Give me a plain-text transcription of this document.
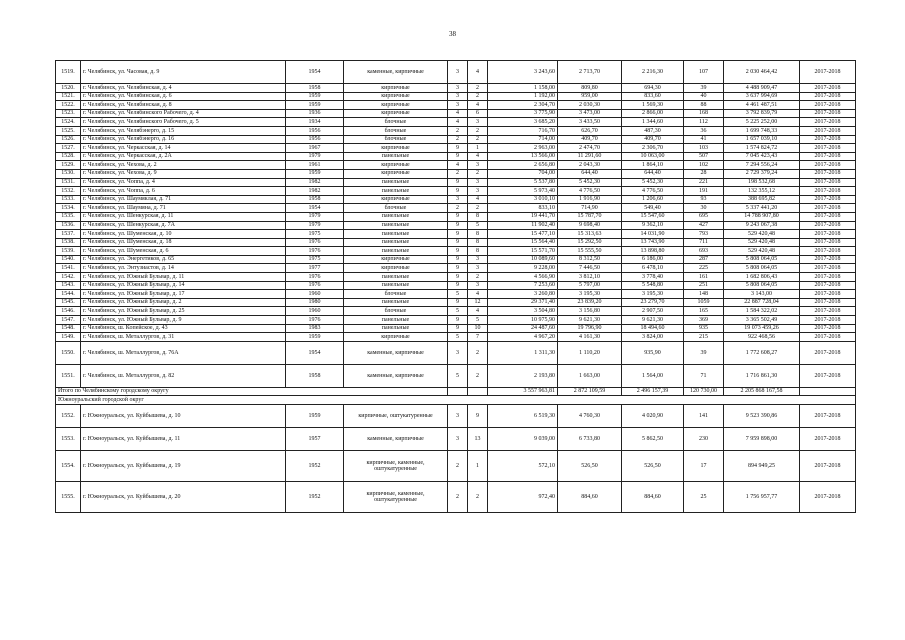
38
1519.	г. Челябинск, ул. Часовая, д. 9	1954	каменные, кирпичные	3	4	3 243,60	2 713,70	2 216,30	107	2 030 464,42	2017-2018
1520.	г. Челябинск, ул. Челябинская, д. 4	1958	кирпичные	3	2	1 158,00	809,80	694,30	39	4 488 909,47	2017-2018
1521.	г. Челябинск, ул. Челябинская, д. 6	1959	кирпичные	3	2	1 192,00	959,00	833,60	40	3 637 994,69	2017-2018
1522.	г. Челябинск, ул. Челябинская, д. 8	1959	кирпичные	3	4	2 304,70	2 030,30	1 569,30	88	4 461 487,51	2017-2018
1523.	г. Челябинск, ул. Челябинского Рабочего, д. 4	1936	кирпичные	4	6	3 775,90	3 473,00	2 866,00	168	3 792 839,79	2017-2018
1524.	г. Челябинск, ул. Челябинского Рабочего, д. 5	1934	блочные	4	3	3 685,20	3 433,50	1 344,60	112	5 225 252,00	2017-2018
1525.	г. Челябинск, ул. Челябэнерго, д. 15	1956	блочные	2	2	716,70	626,70	487,30	36	1 699 748,33	2017-2018
1526.	г. Челябинск, ул. Челябэнерго, д. 16	1956	блочные	2	2	714,00	409,70	409,70	41	1 657 039,10	2017-2018
1527.	г. Челябинск, ул. Черкасская, д. 14	1967	кирпичные	9	1	2 963,00	2 474,70	2 306,70	103	1 574 824,72	2017-2018
1528.	г. Челябинск, ул. Черкасская, д. 2А	1979	панельные	9	4	13 566,00	11 291,60	10 063,00	507	7 045 423,43	2017-2018
1529.	г. Челябинск, ул. Чехова, д. 2	1961	кирпичные	4	3	2 656,80	2 043,30	1 864,10	102	7 294 556,24	2017-2018
1530.	г. Челябинск, ул. Чехова, д. 9	1959	кирпичные	2	2	704,00	644,40	644,40	28	2 729 379,24	2017-2018
1531.	г. Челябинск, ул. Чоппа, д. 4	1982	панельные	9	3	5 537,80	5 452,30	5 452,30	221	198 532,68	2017-2018
1532.	г. Челябинск, ул. Чоппа, д. 6	1982	панельные	9	3	5 973,40	4 776,50	4 776,50	191	132 355,12	2017-2018
1533.	г. Челябинск, ул. Шаумяклая, д. 71	1958	кирпичные	3	4	3 010,10	1 916,90	1 206,60	93	388 695,82	2017-2018
1534.	г. Челябинск, ул. Шаумяна, д. 71	1954	блочные	2	2	833,10	714,90	549,40	30	5 337 441,20	2017-2018
1535.	г. Челябинск, ул. Шенкурская, д. 11	1979	панельные	9	8	19 441,70	15 787,70	15 547,60	695	14 788 907,80	2017-2018
1536.	г. Челябинск, ул. Шенкурская, д. 7А	1979	панельные	9	5	11 902,40	9 698,40	9 362,10	427	9 243 067,38	2017-2018
1537.	г. Челябинск, ул. Шуменская, д. 10	1975	панельные	9	8	15 477,10	15 313,63	14 031,90	793	529 420,48	2017-2018
1538.	г. Челябинск, ул. Шуменская, д. 18	1976	панельные	9	8	15 564,40	15 292,50	13 743,90	711	529 420,48	2017-2018
1539.	г. Челябинск, ул. Шуменская, д. 6	1976	панельные	9	8	15 571,70	15 555,50	13 898,80	693	529 420,48	2017-2018
1540.	г. Челябинск, ул. Энергетиков, д. 65	1975	кирпичные	9	3	10 089,60	8 312,50	6 186,00	287	5 808 064,05	2017-2018
1541.	г. Челябинск, ул. Энтузиастов, д. 14	1977	кирпичные	9	3	9 228,00	7 446,50	6 478,10	225	5 808 064,05	2017-2018
1542.	г. Челябинск, ул. Южный Бульвар, д. 11	1976	панельные	9	2	4 566,90	3 812,10	3 778,40	161	1 682 806,43	2017-2018
1543.	г. Челябинск, ул. Южный Бульвар, д. 14	1976	панельные	9	3	7 253,60	5 797,00	5 548,80	251	5 808 064,05	2017-2018
1544.	г. Челябинск, ул. Южный Бульвар, д. 17	1960	блочные	5	4	3 260,80	3 195,30	3 195,30	148	3 143,00	2017-2018
1545.	г. Челябинск, ул. Южный Бульвар, д. 2	1980	панельные	9	12	29 371,40	23 839,20	23 279,70	1059	22 887 728,04	2017-2018
1546.	г. Челябинск, ул. Южный Бульвар, д. 25	1960	блочные	5	4	3 504,80	3 156,80	2 907,50	165	1 584 322,02	2017-2018
1547.	г. Челябинск, ул. Южный Бульвар, д. 9	1976	панельные	9	5	10 975,90	9 621,30	9 621,30	369	3 365 502,49	2017-2018
1548.	г. Челябинск, ш. Копейское, д. 43	1983	панельные	9	10	24 487,60	19 796,90	18 494,60	935	19 073 459,26	2017-2018
1549.	г. Челябинск, ш. Металлургов, д. 31	1959	кирпичные	5	7	4 967,20	4 161,30	3 824,00	215	922 468,56	2017-2018
1550.	г. Челябинск, ш. Металлургов, д. 76А	1954	каменные, кирпичные	3	2	1 311,30	1 110,20	935,90	39	1 772 608,27	2017-2018
1551.	г. Челябинск, ш. Металлургов, д. 82	1958	каменные, кирпичные	5	2	2 193,80	1 663,00	1 564,00	71	1 716 861,30	2017-2018
Итого по Челябинскому городскому округу						3 557 963,81	2 872 109,59	2 496 157,39	120 730,00	2 205 868 167,58	
Южноуральский городской округ											
1552.	г. Южноуральск, ул. Куйбышева, д. 10	1959	кирпичные, оштукатуренные	3	9	6 519,30	4 760,30	4 020,90	141	9 523 390,86	2017-2018
1553.	г. Южноуральск, ул. Куйбышева, д. 11	1957	каменные, кирпичные	3	13	9 039,00	6 733,80	5 862,50	230	7 959 898,00	2017-2018
1554.	г. Южноуральск, ул. Куйбышева, д. 19	1952	кирпичные, каменные, оштукатуренные	2	1	572,10	526,50	526,50	17	894 949,25	2017-2018
1555.	г. Южноуральск, ул. Куйбышева, д. 20	1952	кирпичные, каменные, оштукатуренные	2	2	972,40	884,60	884,60	25	1 756 957,77	2017-2018
